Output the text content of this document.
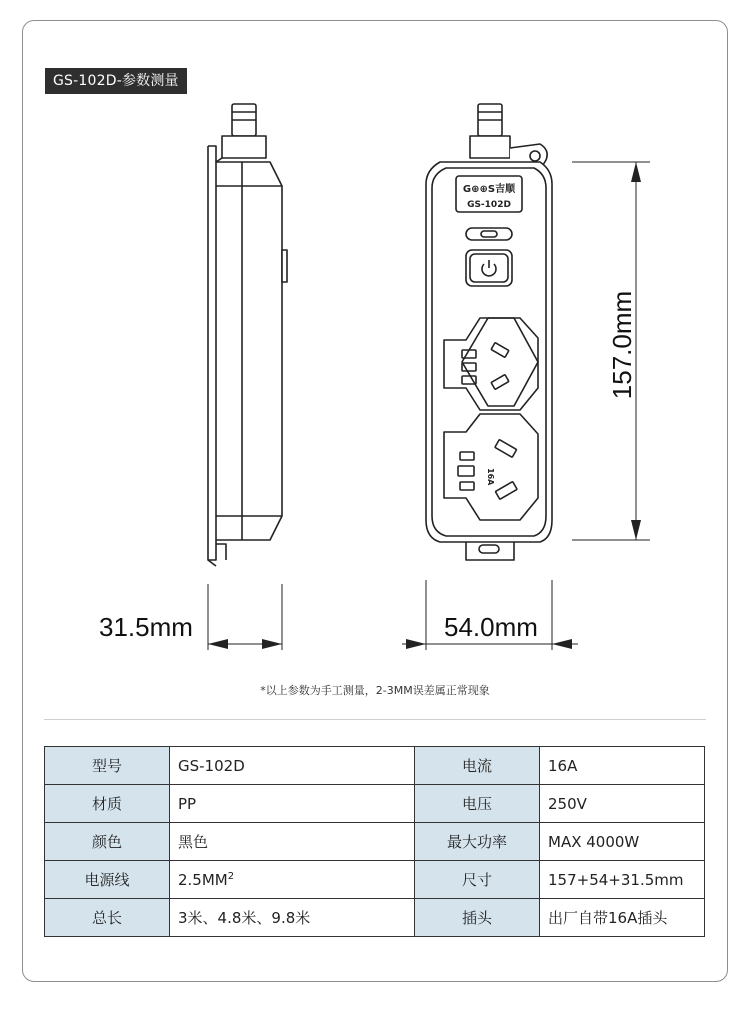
GS-102D-参数测量
G⊕⊕S吉顺
GS-102D
16A
31.5mm	54.0mm
157.0mm
*以上参数为手工测量，2-3MM误差属正常现象
型号	GS-102D	电流	16A
材质	PP	电压	250V
颜色	黑色	最大功率	MAX 4000W
电源线	$2.5MM^2$	尺寸	157+54+31.5mm
总长	3米、4.8米、9.8米	插头	出厂自带16A插头
